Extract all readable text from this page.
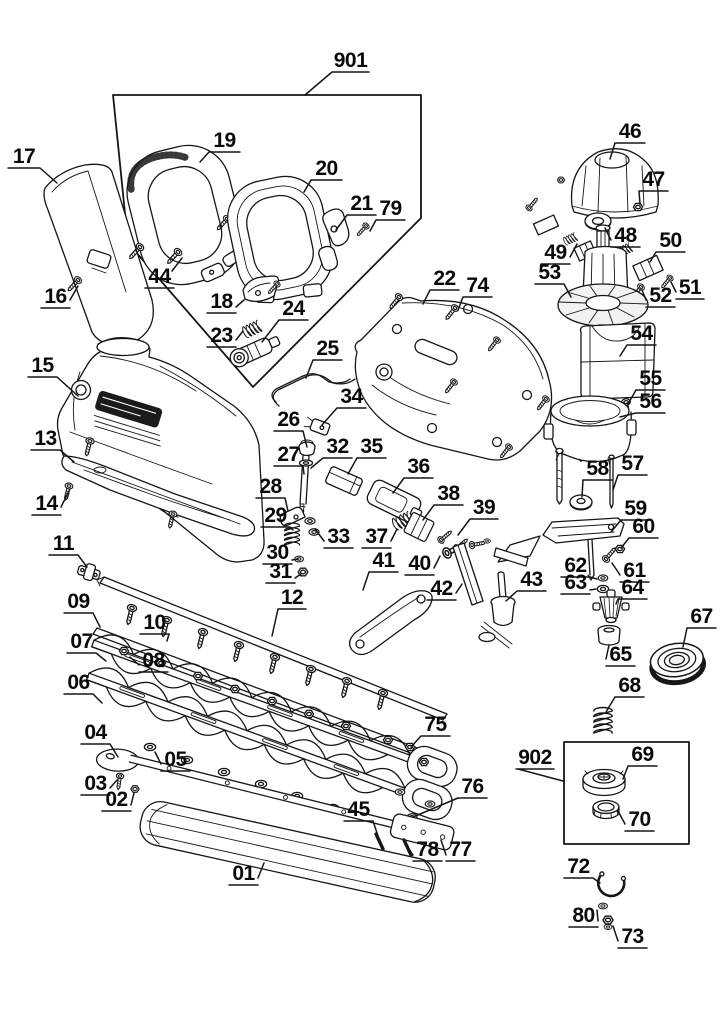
901
902
17
19
20
21 79
44
16	18
23
24
22 74
25
15
34
26
27 32 35
36
38
39
13
14
28
29
30
31
33 37
40
41
42	43
11
09
10
08
07
06
04
05
03
02
01
12
45
75
76
78 77
46
47
48
49
50
51
52
53
54
55
56
57
58
59
60
61
62
63 64
65
67
68
69
70
72
80
73
